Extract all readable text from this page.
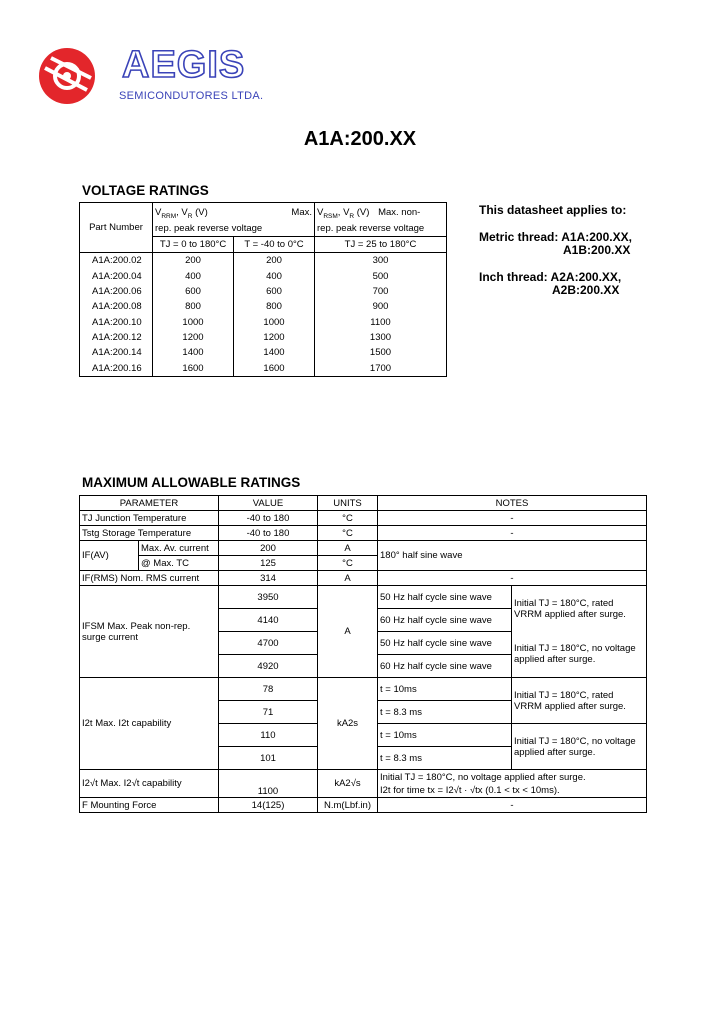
AEGIS
SEMICONDUTORES LTDA.
A1A:200.XX
VOLTAGE RATINGS
Part Number	$V_{RRM}$, $V_R$ (V) Max.

rep. peak reverse voltage		$V_{RSM}$, $V_R$ (V) Max. non-
rep. peak reverse voltage
	TJ = 0 to 180°C	T = -40 to 0°C	TJ = 25 to 180°C
A1A:200.02	200	200	300
A1A:200.04	400	400	500
A1A:200.06	600	600	700
A1A:200.08	800	800	900
A1A:200.10	1000	1000	1100
A1A:200.12	1200	1200	1300
A1A:200.14	1400	1400	1500
A1A:200.16	1600	1600	1700
This datasheet applies to:
Metric thread: A1A:200.XX,
A1B:200.XX
Inch thread: A2A:200.XX,
A2B:200.XX
MAXIMUM ALLOWABLE RATINGS
PARAMETER		VALUE	UNITS	NOTES	
TJ Junction Temperature		-40 to 180	°C	-	
Tstg Storage Temperature		-40 to 180	°C	-	
IF(AV)	Max. Av. current	200	A	180° half sine wave	
	@ Max. TC	125	°C		
IF(RMS) Nom. RMS current		314	A	-	
IFSM Max. Peak non-rep. surge current		3950	A	50 Hz half cycle sine wave	Initial TJ = 180°C, rated VRRM applied after surge.
		4140		60 Hz half cycle sine wave	
		4700		50 Hz half cycle sine wave	Initial TJ = 180°C, no voltage applied after surge.
		4920		60 Hz half cycle sine wave	
I2t Max. I2t capability		78	kA2s	t = 10ms	Initial TJ = 180°C, rated VRRM applied after surge.
		71		t = 8.3 ms	
		110		t = 10ms	Initial TJ = 180°C, no voltage applied after surge.
		101		t = 8.3 ms	
I2√t Max. I2√t capability		1100	kA2√s	Initial TJ = 180°C, no voltage applied after surge.
I2t for time tx = I2√t · √tx (0.1 < tx < 10ms).	

F Mounting Force		14(125)	N.m(Lbf.in)	-	
